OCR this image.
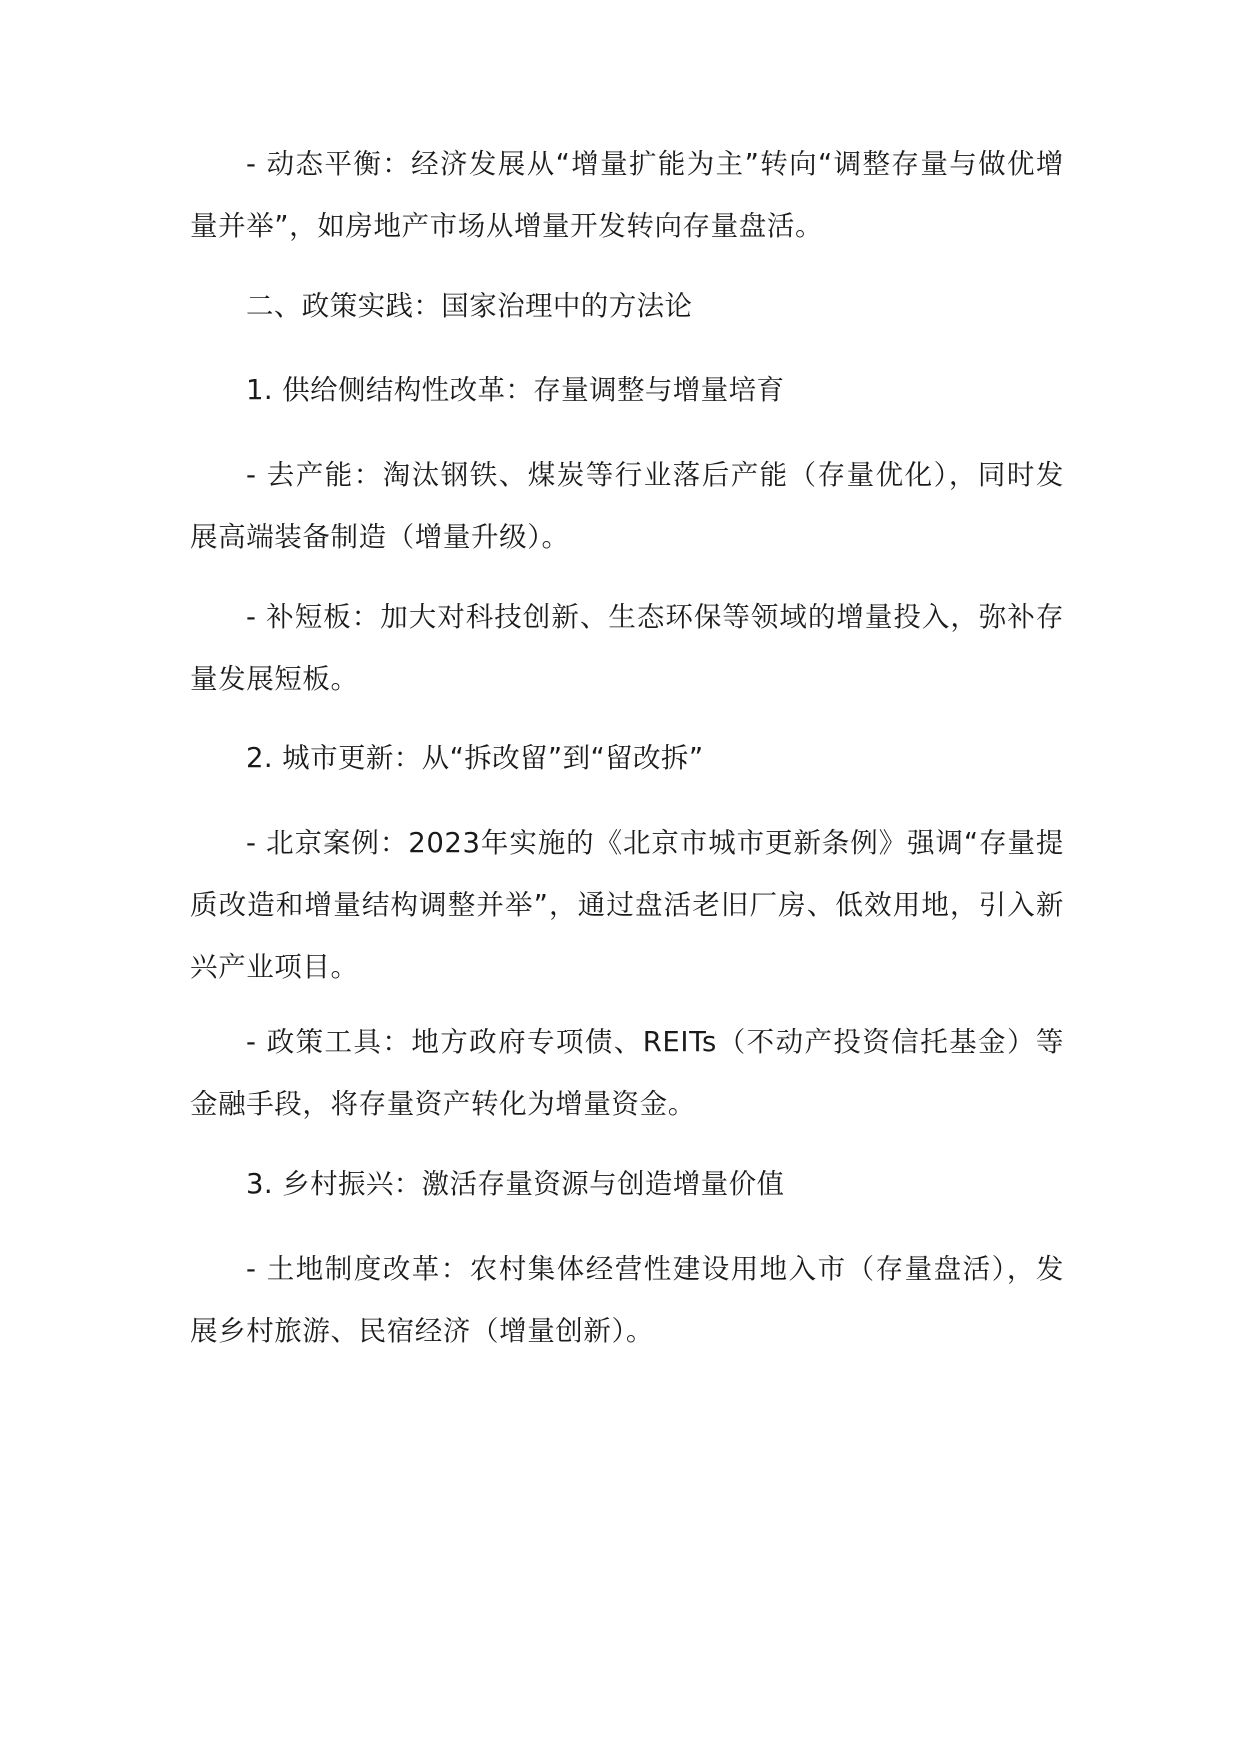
- 动态平衡：经济发展从“增量扩能为主”转向“调整存量与做优增量并举”，如房地产市场从增量开发转向存量盘活。

二、政策实践：国家治理中的方法论

1. 供给侧结构性改革：存量调整与增量培育

- 去产能：淘汰钢铁、煤炭等行业落后产能（存量优化），同时发展高端装备制造（增量升级）。

- 补短板：加大对科技创新、生态环保等领域的增量投入，弥补存量发展短板。

2. 城市更新：从“拆改留”到“留改拆”

- 北京案例：2023年实施的《北京市城市更新条例》强调“存量提质改造和增量结构调整并举”，通过盘活老旧厂房、低效用地，引入新兴产业项目。

- 政策工具：地方政府专项债、REITs（不动产投资信托基金）等金融手段，将存量资产转化为增量资金。

3. 乡村振兴：激活存量资源与创造增量价值

- 土地制度改革：农村集体经营性建设用地入市（存量盘活），发展乡村旅游、民宿经济（增量创新）。
